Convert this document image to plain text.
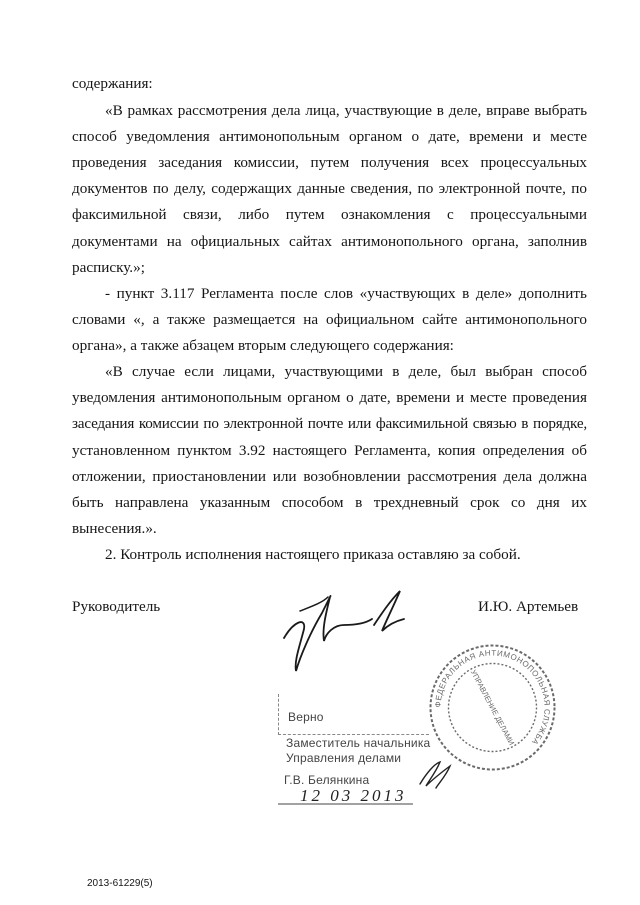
содержания:
«В рамках рассмотрения дела лица, участвующие в деле, вправе выбрать
способ уведомления антимонопольным органом о дате, времени и месте
проведения заседания комиссии, путем получения всех процессуальных
документов по делу, содержащих данные сведения, по электронной почте, по
факсимильной связи, либо путем ознакомления с процессуальными
документами на официальных сайтах антимонопольного органа, заполнив
расписку.»;
- пункт 3.117 Регламента после слов «участвующих в деле» дополнить
словами «, а также размещается на официальном сайте антимонопольного
органа», а также абзацем вторым следующего содержания:
«В случае если лицами, участвующими в деле, был выбран способ
уведомления антимонопольным органом о дате, времени и месте проведения
заседания комиссии по электронной почте или факсимильной связью в порядке,
установленном пунктом 3.92 настоящего Регламента, копия определения об
отложении, приостановлении или возобновлении рассмотрения дела должна
быть направлена указанным способом в трехдневный срок со дня их
вынесения.».
2. Контроль исполнения настоящего приказа оставляю за собой.
Руководитель	И.Ю. Артемьев
ФЕДЕРАЛЬНАЯ АНТИМОНОПОЛЬНАЯ СЛУЖБА
УПРАВЛЕНИЕ ДЕЛАМИ
Верно
Заместитель начальника
Управления делами
Г.В. Белянкина
12 03 2013
2013-61229(5)
